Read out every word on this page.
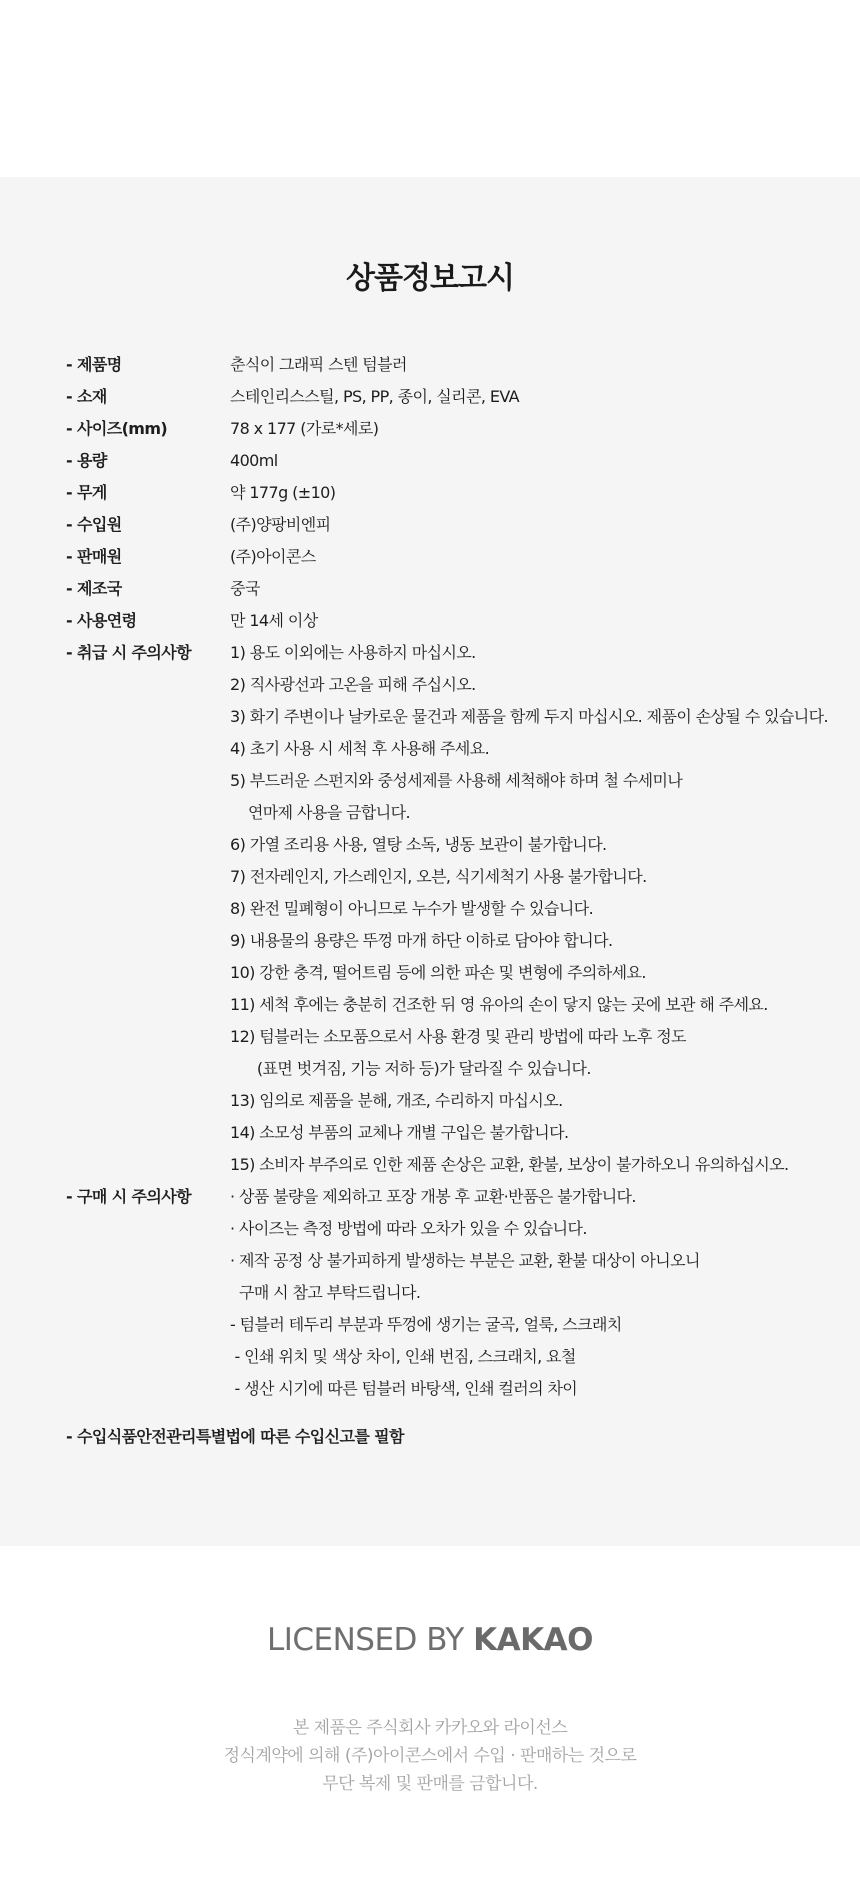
상품정보고시
- 제품명	춘식이 그래픽 스텐 텀블러
- 소재	스테인리스스틸, PS, PP, 종이, 실리콘, EVA
- 사이즈(mm)	78 x 177 (가로*세로)
- 용량	400ml
- 무게	약 177g (±10)
- 수입원	(주)양팡비엔피
- 판매원	(주)아이콘스
- 제조국	중국
- 사용연령	만 14세 이상
- 취급 시 주의사항	1) 용도 이외에는 사용하지 마십시오.
2) 직사광선과 고온을 피해 주십시오.
3) 화기 주변이나 날카로운 물건과 제품을 함께 두지 마십시오. 제품이 손상될 수 있습니다.
4) 초기 사용 시 세척 후 사용해 주세요.
5) 부드러운 스펀지와 중성세제를 사용해 세척해야 하며 철 수세미나
연마제 사용을 금합니다.
6) 가열 조리용 사용, 열탕 소독, 냉동 보관이 불가합니다.
7) 전자레인지, 가스레인지, 오븐, 식기세척기 사용 불가합니다.
8) 완전 밀폐형이 아니므로 누수가 발생할 수 있습니다.
9) 내용물의 용량은 뚜껑 마개 하단 이하로 담아야 합니다.
10) 강한 충격, 떨어트림 등에 의한 파손 및 변형에 주의하세요.
11) 세척 후에는 충분히 건조한 뒤 영 유아의 손이 닿지 않는 곳에 보관 해 주세요.
12) 텀블러는 소모품으로서 사용 환경 및 관리 방법에 따라 노후 정도
(표면 벗겨짐, 기능 저하 등)가 달라질 수 있습니다.
13) 임의로 제품을 분해, 개조, 수리하지 마십시오.
14) 소모성 부품의 교체나 개별 구입은 불가합니다.
15) 소비자 부주의로 인한 제품 손상은 교환, 환불, 보상이 불가하오니 유의하십시오.
- 구매 시 주의사항	· 상품 불량을 제외하고 포장 개봉 후 교환·반품은 불가합니다.
· 사이즈는 측정 방법에 따라 오차가 있을 수 있습니다.
· 제작 공정 상 불가피하게 발생하는 부분은 교환, 환불 대상이 아니오니
구매 시 참고 부탁드립니다.
- 텀블러 테두리 부분과 뚜껑에 생기는 굴곡, 얼룩, 스크래치
- 인쇄 위치 및 색상 차이, 인쇄 번짐, 스크래치, 요철
- 생산 시기에 따른 텀블러 바탕색, 인쇄 컬러의 차이
- 수입식품안전관리특별법에 따른 수입신고를 필함
LICENSED BY KAKAO
본 제품은 주식회사 카카오와 라이선스
정식계약에 의해 (주)아이콘스에서 수입 · 판매하는 것으로
무단 복제 및 판매를 금합니다.
